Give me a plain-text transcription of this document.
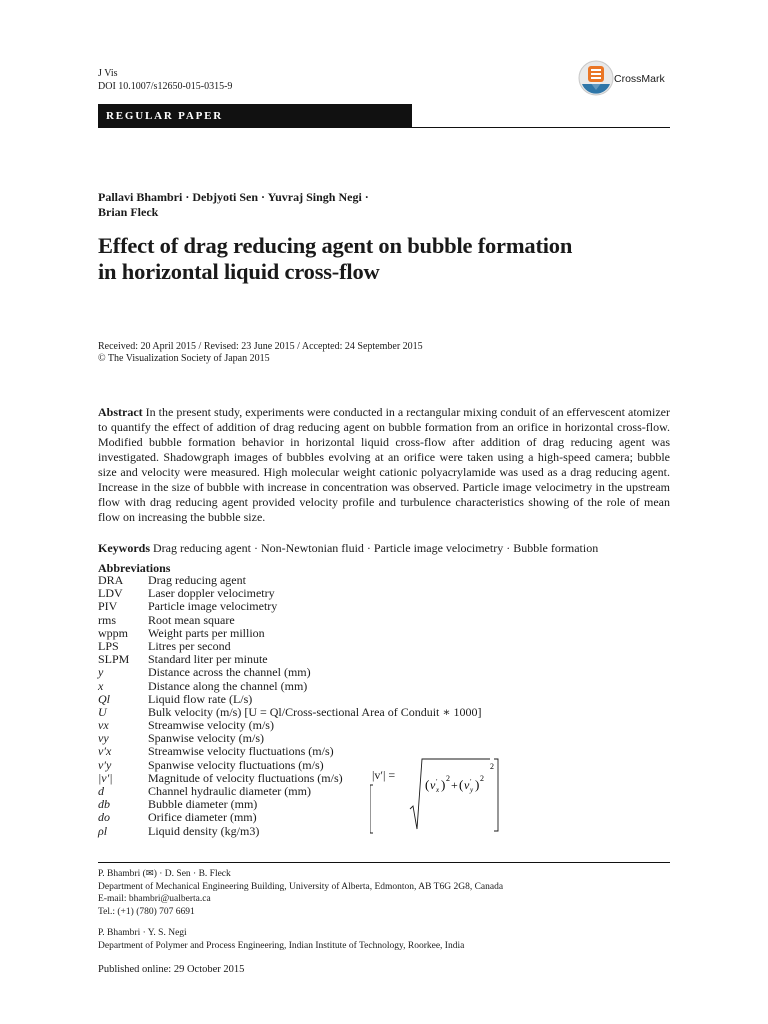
J Vis
DOI 10.1007/s12650-015-0315-9
CrossMark
REGULAR PAPER
Pallavi Bhambri · Debjyoti Sen · Yuvraj Singh Negi ·
Brian Fleck
Effect of drag reducing agent on bubble formation
in horizontal liquid cross-flow
Received: 20 April 2015 / Revised: 23 June 2015 / Accepted: 24 September 2015
© The Visualization Society of Japan 2015
Abstract In the present study, experiments were conducted in a rectangular mixing conduit of an effervescent atomizer to quantify the effect of addition of drag reducing agent on bubble formation from an orifice in horizontal cross-flow. Modified bubble formation behavior in horizontal liquid cross-flow after addition of drag reducing agent was investigated. Shadowgraph images of bubbles evolving at an orifice were taken using a high-speed camera; bubble size and velocity were measured. High molecular weight cationic polyacrylamide was used as a drag reducing agent. Increase in the size of bubble with increase in concentration was observed. Particle image velocimetry in the upstream flow with drag reducing agent provided velocity profile and turbulence characteristics showing of the role of mean flow on increasing the bubble size.
Keywords Drag reducing agent · Non-Newtonian fluid · Particle image velocimetry · Bubble formation
Abbreviations
DRA Drag reducing agent
LDV Laser doppler velocimetry
PIV	Particle image velocimetry
rms	Root mean square
wppm Weight parts per million
LPS Litres per second
SLPM Standard liter per minute
y	Distance across the channel (mm)
x	Distance along the channel (mm)
Ql	Liquid flow rate (L/s)
U	Bulk velocity (m/s) [U = Ql/Cross-sectional Area of Conduit ∗ 1000]
vx	Streamwise velocity (m/s)
vy	Spanwise velocity (m/s)
v′x	Streamwise velocity fluctuations (m/s)
v′y	Spanwise velocity fluctuations (m/s)
|v′|	Magnitude of velocity fluctuations (m/s)
d	Channel hydraulic diameter (mm)
db	Bubble diameter (mm)
do	Orifice diameter (mm)
ρl	Liquid density (kg/m3)
|v′| =
( v ′
x ) 2 + ( v ′
y ) 2
2
P. Bhambri (✉) · D. Sen · B. Fleck
Department of Mechanical Engineering Building, University of Alberta, Edmonton, AB T6G 2G8, Canada
E-mail: bhambri@ualberta.ca
Tel.: (+1) (780) 707 6691
P. Bhambri · Y. S. Negi
Department of Polymer and Process Engineering, Indian Institute of Technology, Roorkee, India
Published online: 29 October 2015
